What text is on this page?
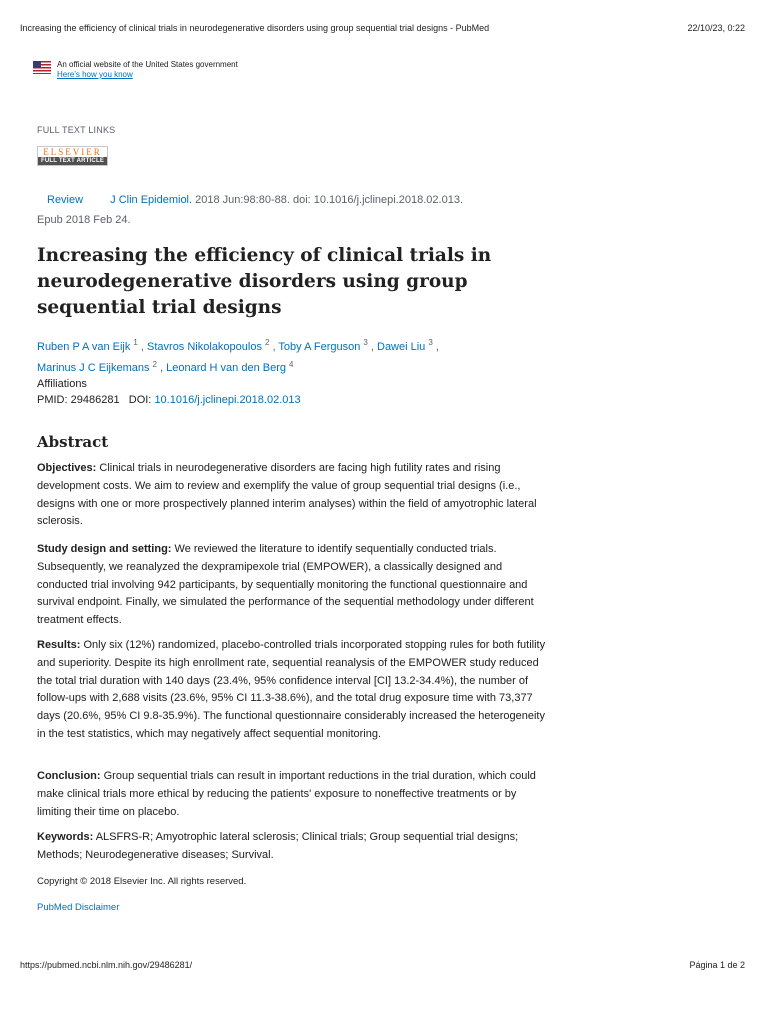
Increasing the efficiency of clinical trials in neurodegenerative disorders using group sequential trial designs - PubMed	22/10/23, 0:22
An official website of the United States government
Here's how you know
FULL TEXT LINKS
ELSEVIER
FULL TEXT ARTICLE
Review J Clin Epidemiol. 2018 Jun:98:80-88. doi: 10.1016/j.jclinepi.2018.02.013.
Epub 2018 Feb 24.
Increasing the efficiency of clinical trials in neurodegenerative disorders using group sequential trial designs
Ruben P A van Eijk $^1$ , Stavros Nikolakopoulos $^2$ , Toby A Ferguson $^3$ , Dawei Liu $^3$ ,
Marinus J C Eijkemans $^2$ , Leonard H van den Berg $^4$
Affiliations
PMID: 29486281 DOI: 10.1016/j.jclinepi.2018.02.013
Abstract

Objectives: Clinical trials in neurodegenerative disorders are facing high futility rates and rising development costs. We aim to review and exemplify the value of group sequential trial designs (i.e., designs with one or more prospectively planned interim analyses) within the field of amyotrophic lateral sclerosis.

Study design and setting: We reviewed the literature to identify sequentially conducted trials. Subsequently, we reanalyzed the dexpramipexole trial (EMPOWER), a classically designed and conducted trial involving 942 participants, by sequentially monitoring the functional questionnaire and survival endpoint. Finally, we simulated the performance of the sequential methodology under different treatment effects.

Results: Only six (12%) randomized, placebo-controlled trials incorporated stopping rules for both futility and superiority. Despite its high enrollment rate, sequential reanalysis of the EMPOWER study reduced the total trial duration with 140 days (23.4%, 95% confidence interval [CI] 13.2-34.4%), the number of follow-ups with 2,688 visits (23.6%, 95% CI 11.3-38.6%), and the total drug exposure time with 73,377 days (20.6%, 95% CI 9.8-35.9%). The functional questionnaire considerably increased the heterogeneity in the test statistics, which may negatively affect sequential monitoring.

Conclusion: Group sequential trials can result in important reductions in the trial duration, which could make clinical trials more ethical by reducing the patients' exposure to noneffective treatments or by limiting their time on placebo.

Keywords: ALSFRS-R; Amyotrophic lateral sclerosis; Clinical trials; Group sequential trial designs; Methods; Neurodegenerative diseases; Survival.

Copyright © 2018 Elsevier Inc. All rights reserved.
PubMed Disclaimer
https://pubmed.ncbi.nlm.nih.gov/29486281/	Página 1 de 2
